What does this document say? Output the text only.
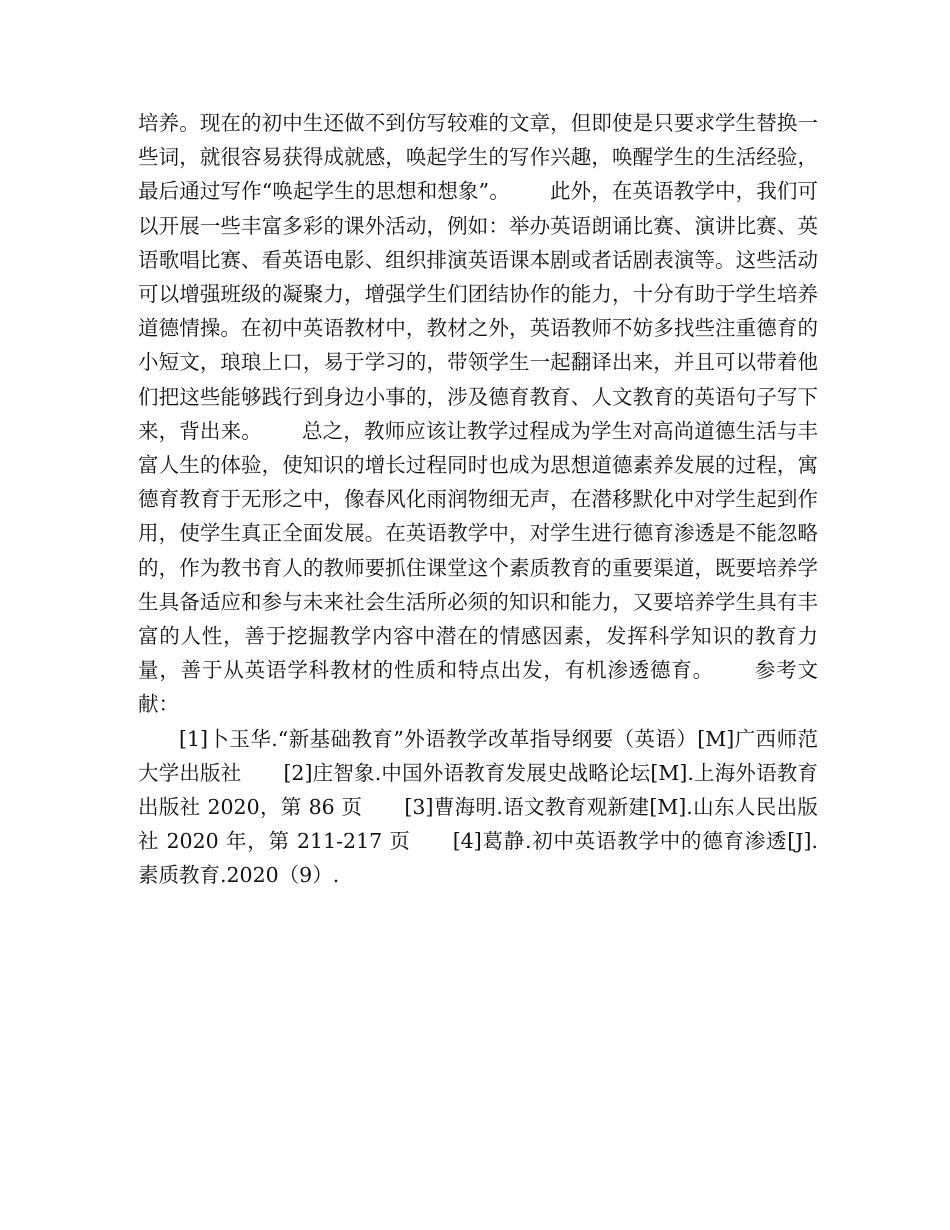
培养。现在的初中生还做不到仿写较难的文章，但即使是只要求学生替换一些词，就很容易获得成就感，唤起学生的写作兴趣，唤醒学生的生活经验，最后通过写作“唤起学生的思想和想象”。 此外，在英语教学中，我们可以开展一些丰富多彩的课外活动，例如：举办英语朗诵比赛、演讲比赛、英语歌唱比赛、看英语电影、组织排演英语课本剧或者话剧表演等。这些活动可以增强班级的凝聚力，增强学生们团结协作的能力，十分有助于学生培养道德情操。在初中英语教材中，教材之外，英语教师不妨多找些注重德育的小短文，琅琅上口，易于学习的，带领学生一起翻译出来，并且可以带着他们把这些能够践行到身边小事的，涉及德育教育、人文教育的英语句子写下来，背出来。 总之，教师应该让教学过程成为学生对高尚道德生活与丰富人生的体验，使知识的增长过程同时也成为思想道德素养发展的过程，寓德育教育于无形之中，像春风化雨润物细无声，在潜移默化中对学生起到作用，使学生真正全面发展。在英语教学中，对学生进行德育渗透是不能忽略的，作为教书育人的教师要抓住课堂这个素质教育的重要渠道，既要培养学生具备适应和参与未来社会生活所必须的知识和能力，又要培养学生具有丰富的人性，善于挖掘教学内容中潜在的情感因素，发挥科学知识的教育力量，善于从英语学科教材的性质和特点出发，有机渗透德育。 参考文献：

[1]卜玉华.“新基础教育”外语教学改革指导纲要（英语）[M]广西师范大学出版社 [2]庄智象.中国外语教育发展史战略论坛[M].上海外语教育出版社 2020，第 86 页 [3]曹海明.语文教育观新建[M].山东人民出版社 2020 年，第 211-217 页 [4]葛静.初中英语教学中的德育渗透[J].素质教育.2020（9）.
